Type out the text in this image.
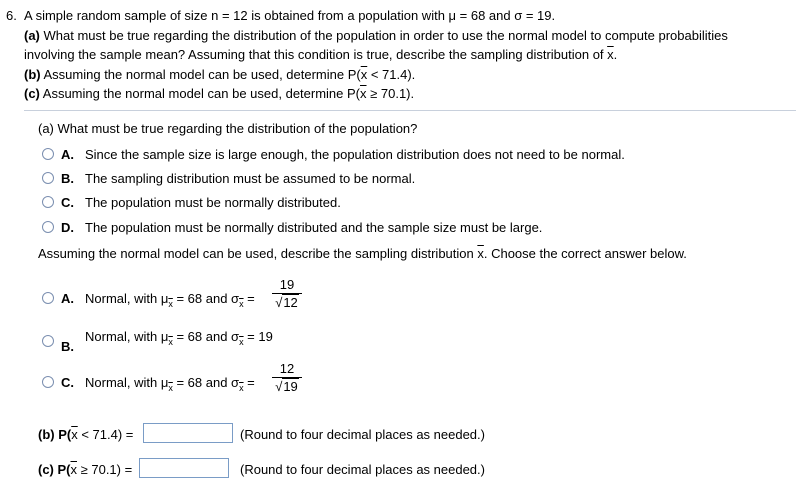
6. A simple random sample of size n = 12 is obtained from a population with μ = 68 and σ = 19.
(a) What must be true regarding the distribution of the population in order to use the normal model to compute probabilities
involving the sample mean? Assuming that this condition is true, describe the sampling distribution of $\overline{x}$.
(b) Assuming the normal model can be used, determine $P(\overline{x} < 71.4)$.
(c) Assuming the normal model can be used, determine $P(\overline{x} \ge 70.1)$.
(a) What must be true regarding the distribution of the population?
A. Since the sample size is large enough, the population distribution does not need to be normal.
B. The sampling distribution must be assumed to be normal.
C. The population must be normally distributed.
D. The population must be normally distributed and the sample size must be large.
Assuming the normal model can be used, describe the sampling distribution $\overline{x}$. Choose the correct answer below.
A. Normal, with $\mu_{\overline{x}} = 68$ and $\sigma_{\overline{x}}$ =
19
√12
B.
Normal, with $\mu_{\overline{x}} = 68$ and $\sigma_{\overline{x}} = 19$
C. Normal, with $\mu_{\overline{x}} = 68$ and $\sigma_{\overline{x}}$ =
12
√19
(b) $P(\overline{x} < 71.4)$ =	(Round to four decimal places as needed.)
(c) $P(\overline{x} \ge 70.1)$ =	(Round to four decimal places as needed.)
